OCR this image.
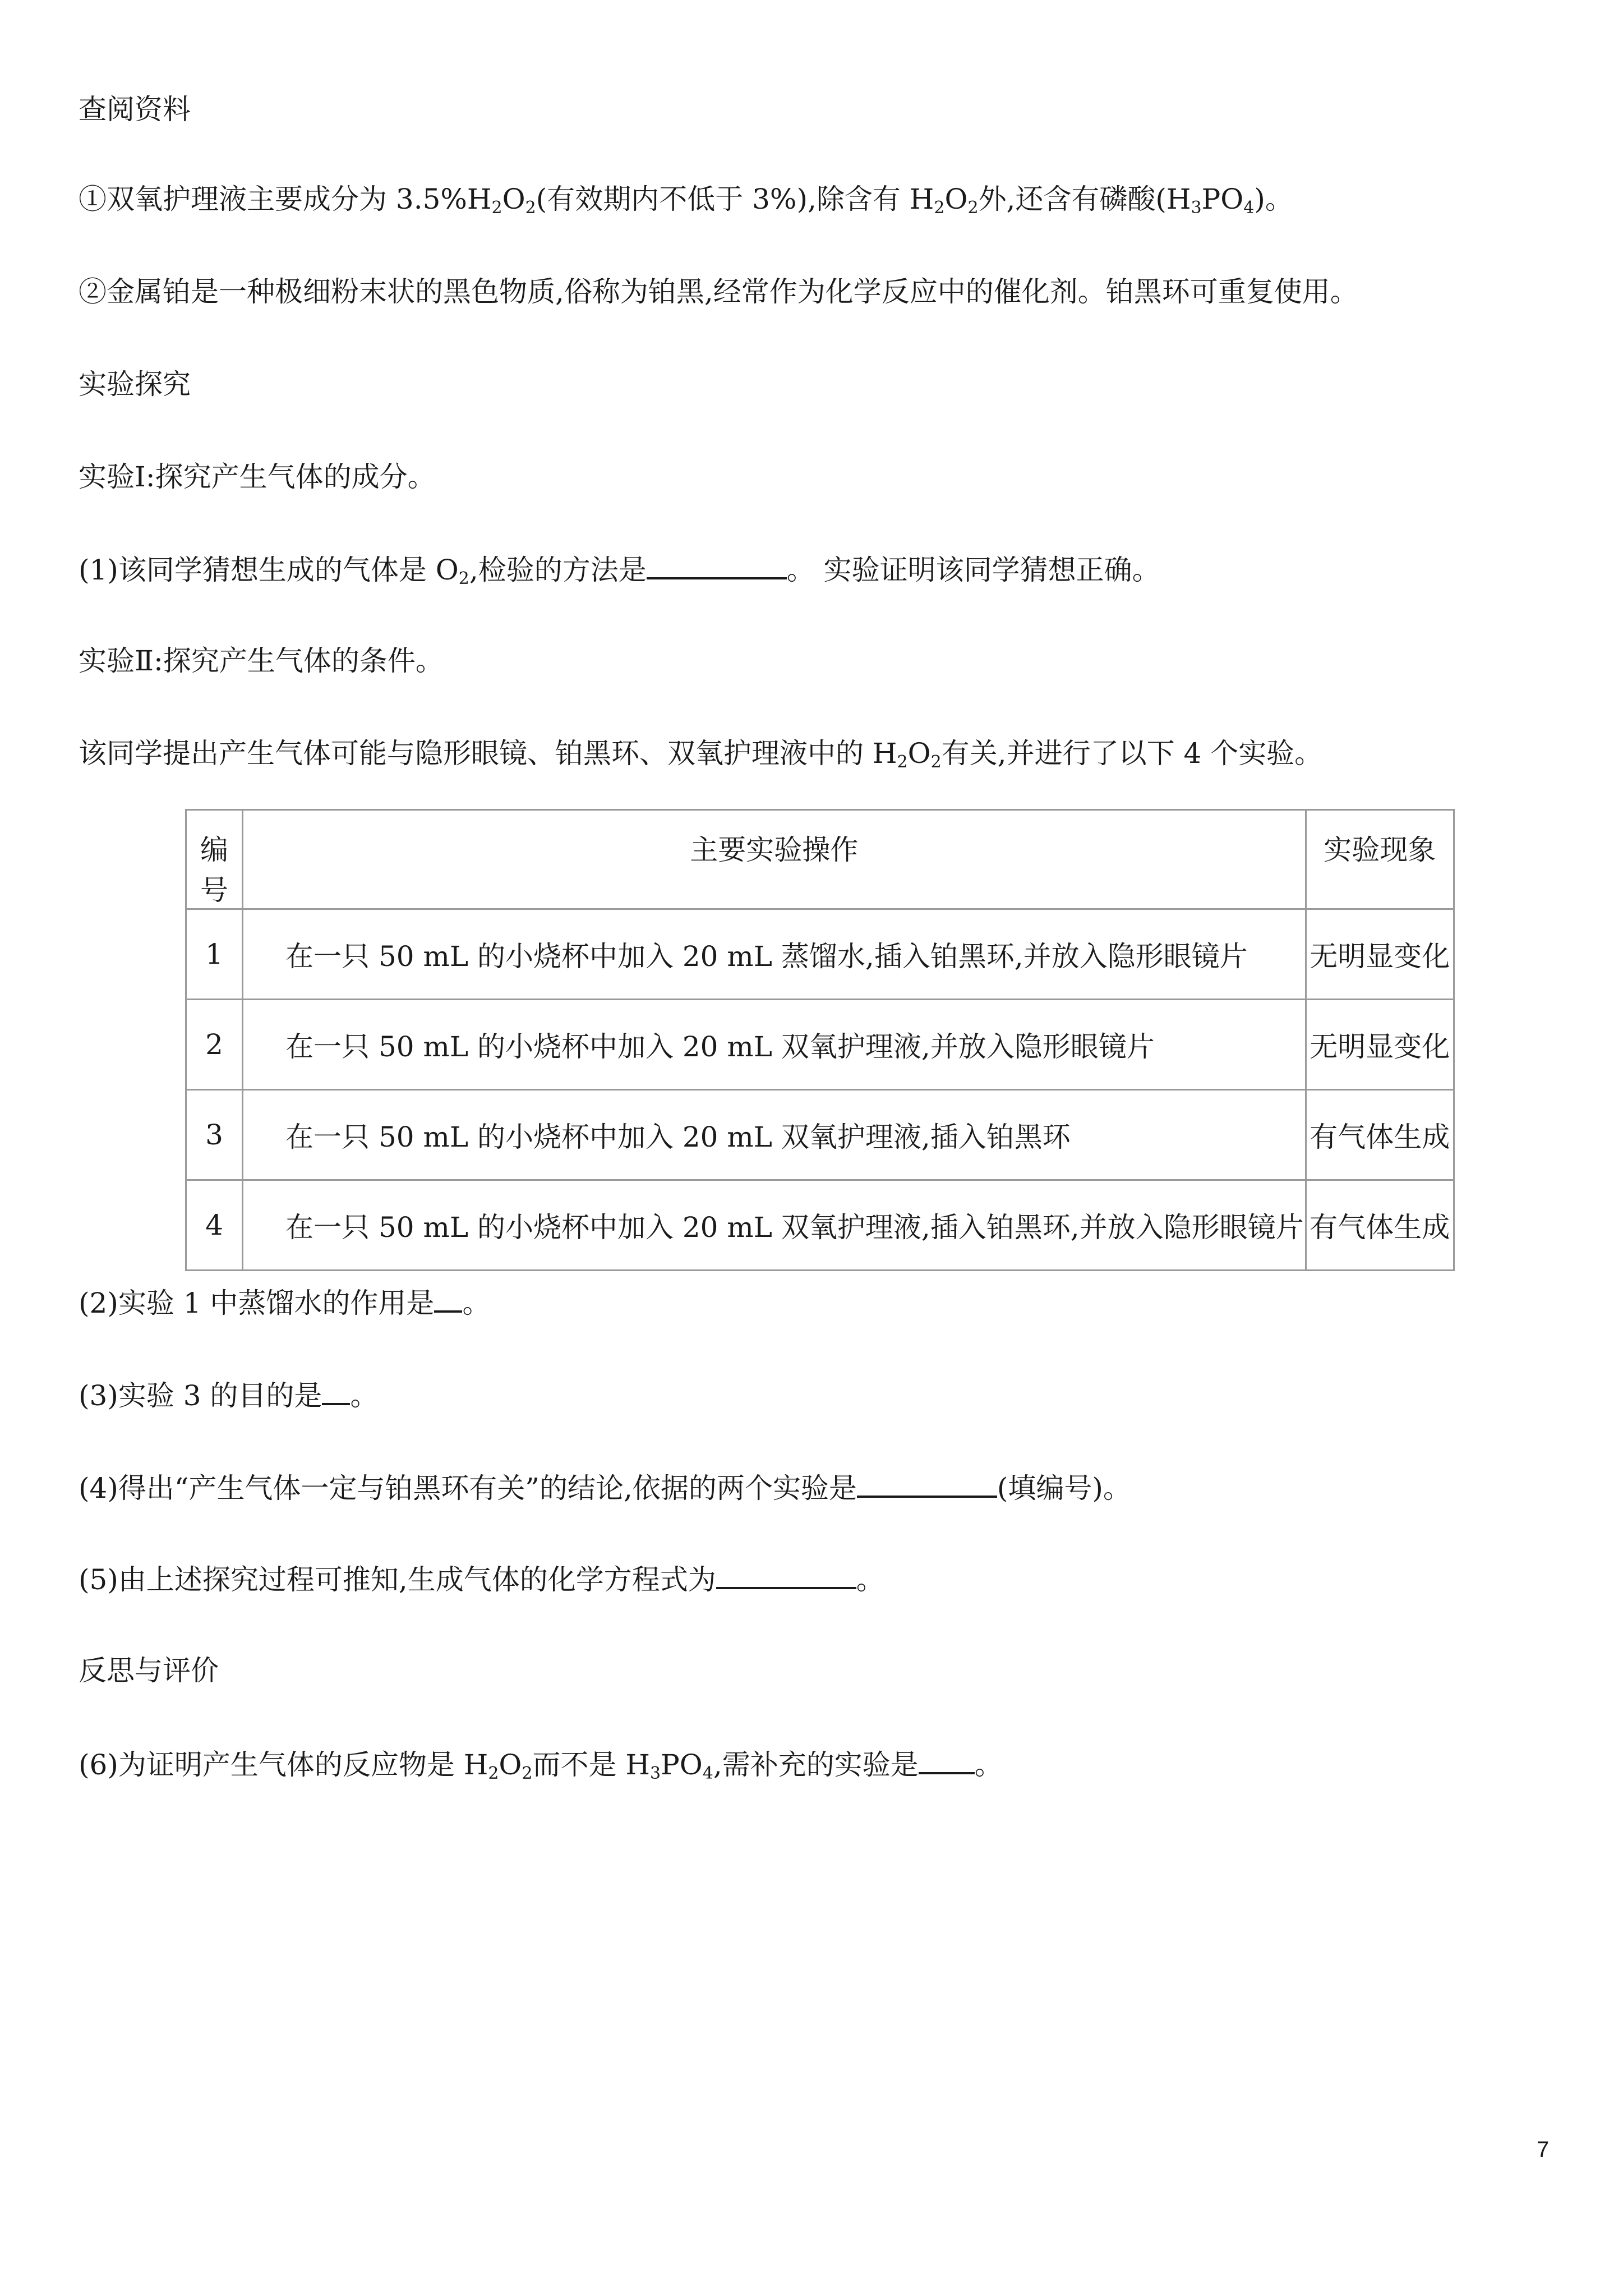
查阅资料
①双氧护理液主要成分为 $3.5\%H_2O_2$(有效期内不低于 3%),除含有 $H_2O_2$外,还含有磷酸$(H_3PO_4)$。
②金属铂是一种极细粉末状的黑色物质,俗称为铂黑,经常作为化学反应中的催化剂。铂黑环可重复使用。
实验探究
实验Ⅰ:探究产生气体的成分。
(1)该同学猜想生成的气体是 $O_2$,检验的方法是	。 实验证明该同学猜想正确。
实验Ⅱ:探究产生气体的条件。
该同学提出产生气体可能与隐形眼镜、铂黑环、双氧护理液中的 $H_2O_2$有关,并进行了以下 4 个实验。
编号	主要实验操作	实验现象
1	在一只 50 mL 的小烧杯中加入 20 mL 蒸馏水,插入铂黑环,并放入隐形眼镜片	无明显变化
2	在一只 50 mL 的小烧杯中加入 20 mL 双氧护理液,并放入隐形眼镜片	无明显变化
3	在一只 50 mL 的小烧杯中加入 20 mL 双氧护理液,插入铂黑环	有气体生成
4	在一只 50 mL 的小烧杯中加入 20 mL 双氧护理液,插入铂黑环,并放入隐形眼镜片	有气体生成
(2)实验 1 中蒸馏水的作用是 。
(3)实验 3 的目的是 。
(4)得出“产生气体一定与铂黑环有关”的结论,依据的两个实验是	(填编号)。
(5)由上述探究过程可推知,生成气体的化学方程式为	。
反思与评价
(6)为证明产生气体的反应物是 $H_2O_2$而不是 $H_3PO_4$,需补充的实验是 。
7
